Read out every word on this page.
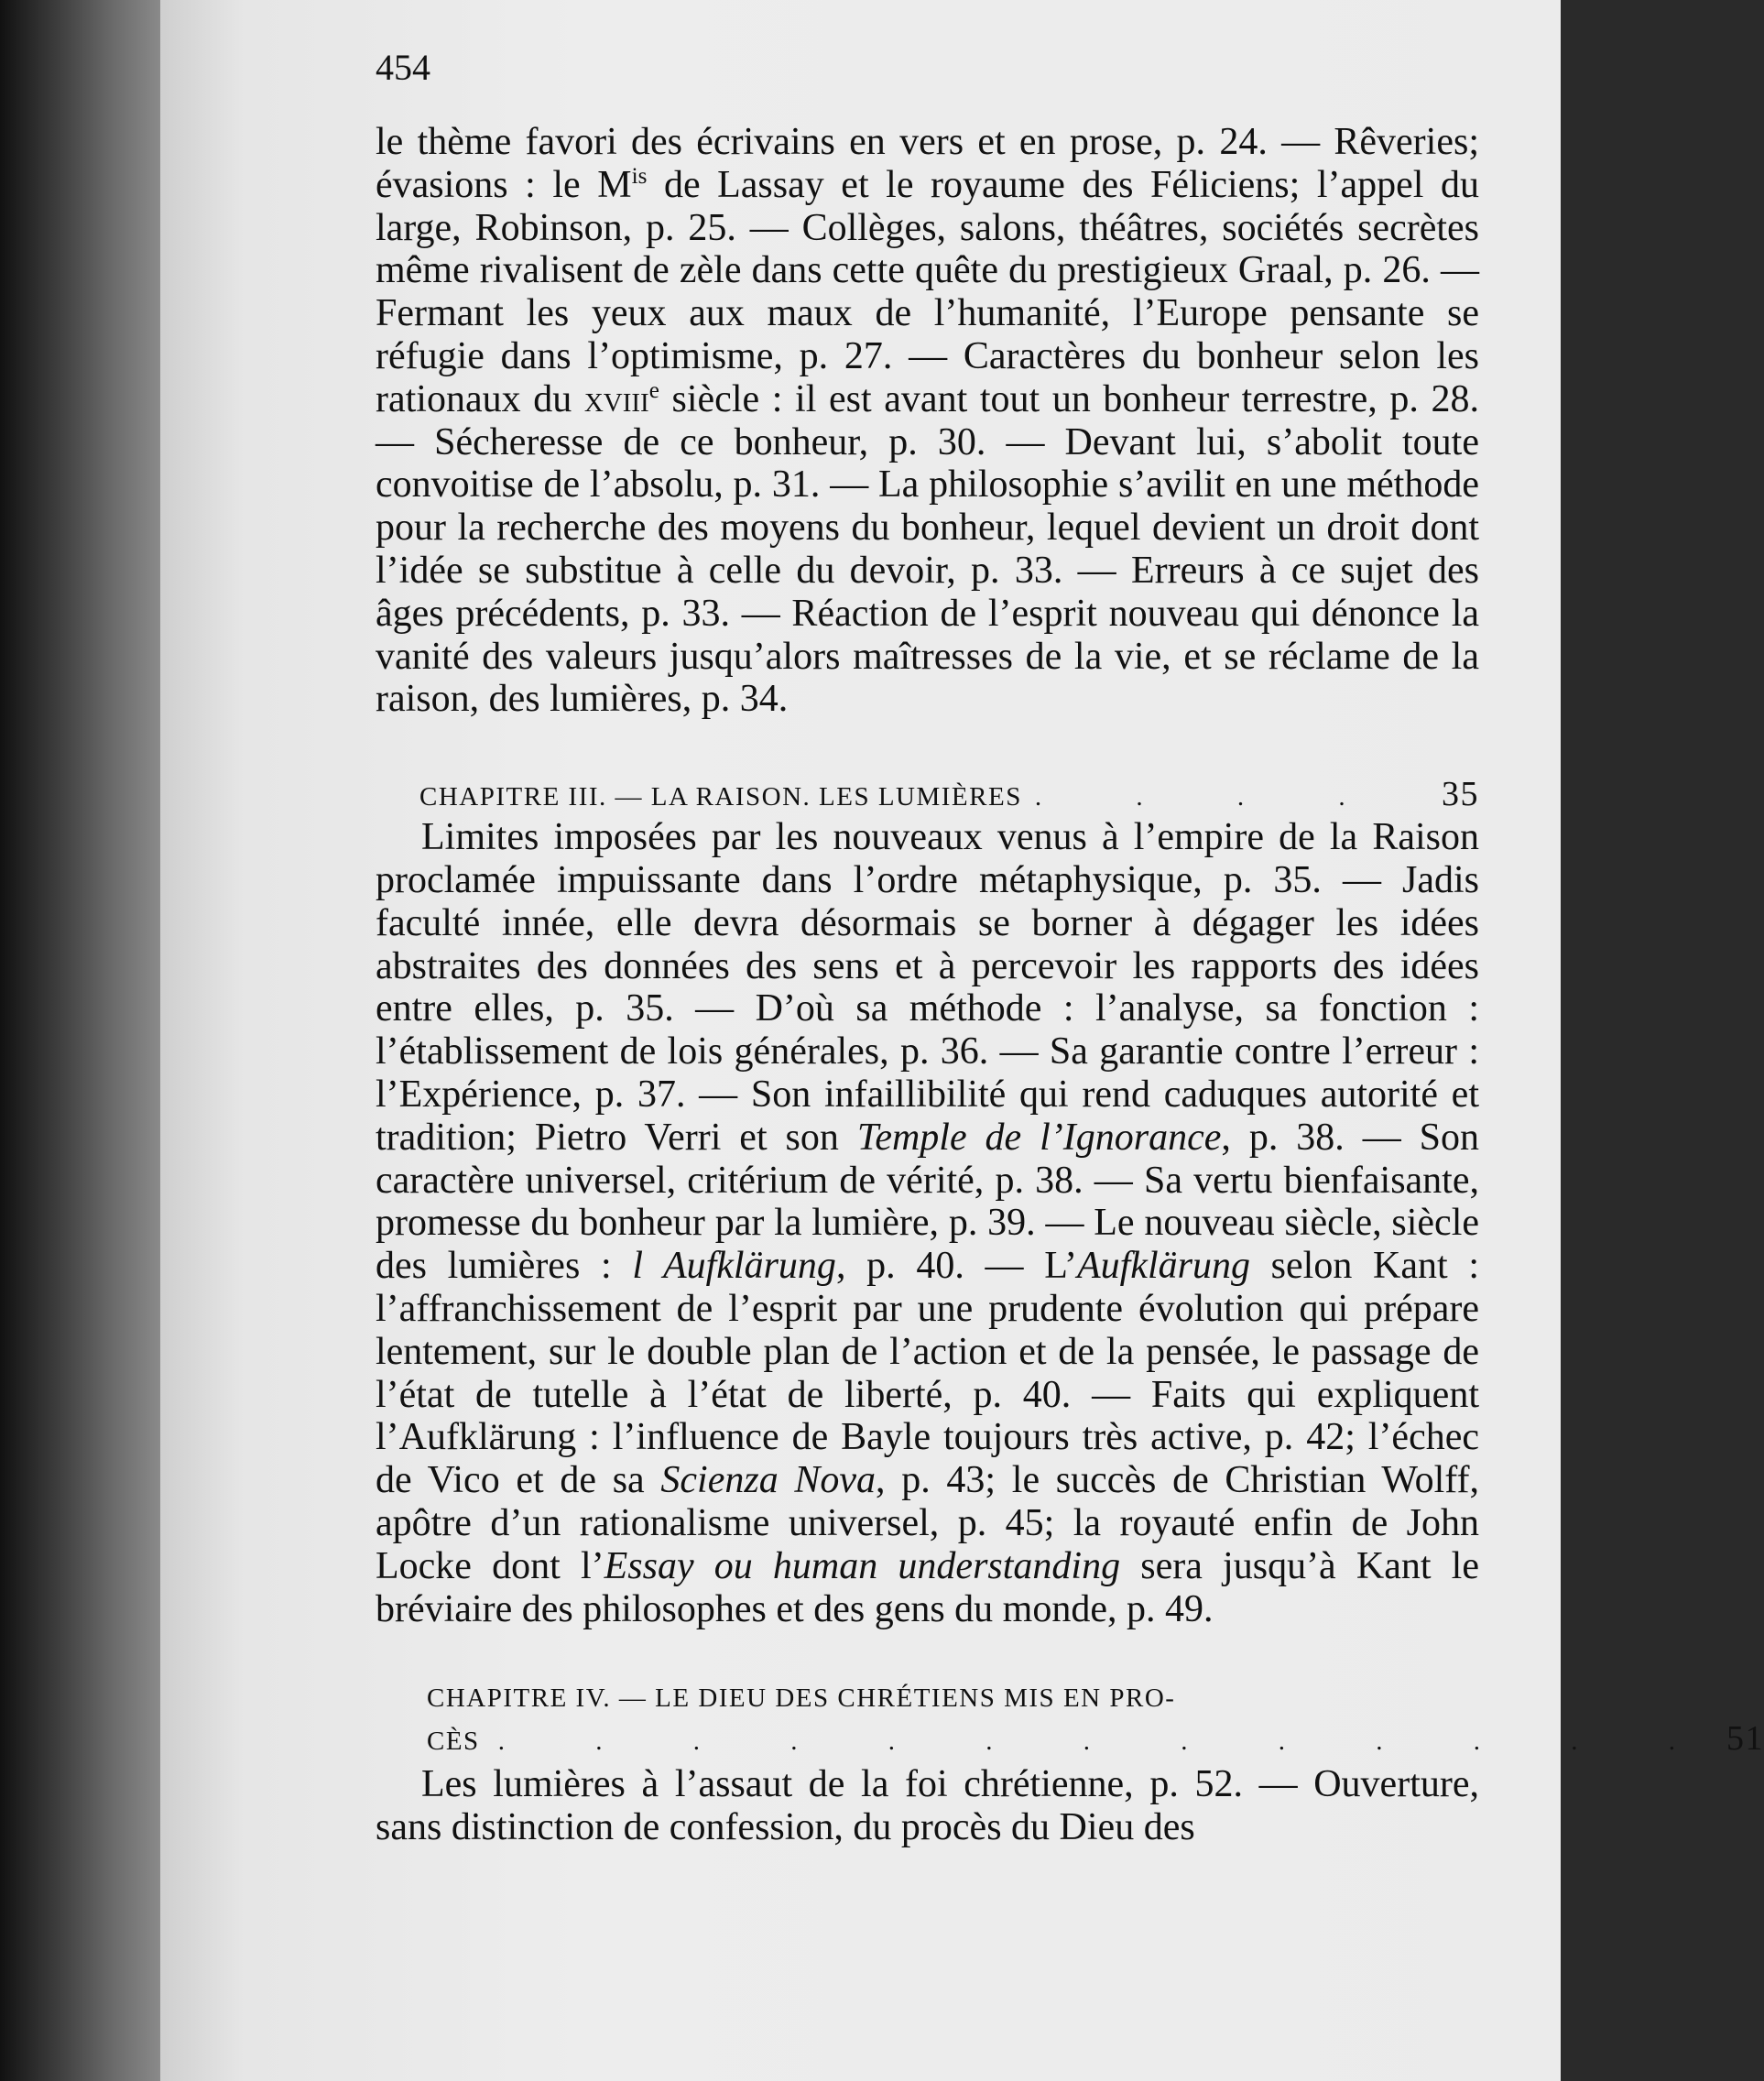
454

le thème favori des écrivains en vers et en prose, p. 24. — Rêveries; évasions : le $M^{is}$ de Lassay et le royaume des Féliciens; l’appel du large, Robinson, p. 25. — Collèges, salons, théâtres, sociétés secrètes même rivalisent de zèle dans cette quête du prestigieux Graal, p. 26. — Fermant les yeux aux maux de l’humanité, l’Europe pensante se réfugie dans l’optimisme, p. 27. — Caractères du bonheur selon les rationaux du xviii$^e$ siècle : il est avant tout un bonheur terrestre, p. 28. — Sécheresse de ce bonheur, p. 30. — Devant lui, s’abolit toute convoitise de l’absolu, p. 31. — La philosophie s’avilit en une méthode pour la recherche des moyens du bonheur, lequel devient un droit dont l’idée se substitue à celle du devoir, p. 33. — Erreurs à ce sujet des âges précédents, p. 33. — Réaction de l’esprit nouveau qui dénonce la vanité des valeurs jusqu’alors maîtresses de la vie, et se réclame de la raison, des lumières, p. 34.

CHAPITRE III. — LA RAISON. LES LUMIÈRES . . . .	35

Limites imposées par les nouveaux venus à l’empire de la Raison proclamée impuissante dans l’ordre métaphysique, p. 35. — Jadis faculté innée, elle devra désormais se borner à dégager les idées abstraites des données des sens et à percevoir les rapports des idées entre elles, p. 35. — D’où sa méthode : l’analyse, sa fonction : l’établissement de lois générales, p. 36. — Sa garantie contre l’erreur : l’Expérience, p. 37. — Son infaillibilité qui rend caduques autorité et tradition; Pietro Verri et son Temple de l’Ignorance, p. 38. — Son caractère universel, critérium de vérité, p. 38. — Sa vertu bienfaisante, promesse du bonheur par la lumière, p. 39. — Le nouveau siècle, siècle des lumières : l Aufklärung, p. 40. — L’Aufklärung selon Kant : l’affranchissement de l’esprit par une prudente évolution qui prépare lentement, sur le double plan de l’action et de la pensée, le passage de l’état de tutelle à l’état de liberté, p. 40. — Faits qui expliquent l’Aufklärung : l’influence de Bayle toujours très active, p. 42; l’échec de Vico et de sa Scienza Nova, p. 43; le succès de Christian Wolff, apôtre d’un rationalisme universel, p. 45; la royauté enfin de John Locke dont l’Essay ou human understanding sera jusqu’à Kant le bréviaire des philosophes et des gens du monde, p. 49.

CHAPITRE IV. — LE DIEU DES CHRÉTIENS MIS EN PRO-
CÈS . . . . . . . . . . . . . 51

Les lumières à l’assaut de la foi chrétienne, p. 52. — Ouverture, sans distinction de confession, du procès du Dieu des
